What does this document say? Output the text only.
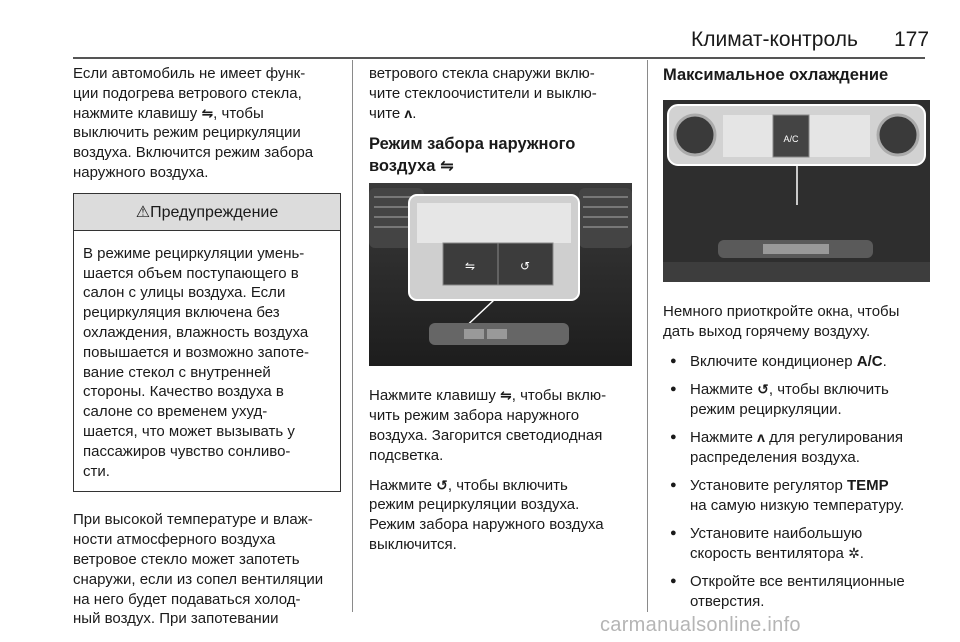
Климат-контроль 177

Если автомобиль не имеет функ-
ции подогрева ветрового стекла,
нажмите клавишу ⇋, чтобы
выключить режим рециркуляции
воздуха. Включится режим забора
наружного воздуха.

⚠Предупреждение
В режиме рециркуляции умень-
шается объем поступающего в
салон с улицы воздуха. Если
рециркуляция включена без
охлаждения, влажность воздуха
повышается и возможно запоте-
вание стекол с внутренней
стороны. Качество воздуха в
салоне со временем ухуд-
шается, что может вызывать у
пассажиров чувство сонливо-
сти.

При высокой температуре и влаж-
ности атмосферного воздуха
ветровое стекло может запотеть
снаружи, если из сопел вентиляции
на него будет подаваться холод-
ный воздух. При запотевании

ветрового стекла снаружи вклю-
чите стеклоочистители и выклю-
чите ᴧ.

Режим забора наружного
воздуха ⇋
⇋	↺

Нажмите клавишу ⇋, чтобы вклю-
чить режим забора наружного
воздуха. Загорится светодиодная
подсветка.

Нажмите ↺, чтобы включить
режим рециркуляции воздуха.
Режим забора наружного воздуха
выключится.

Максимальное охлаждение
A/C

Немного приоткройте окна, чтобы
дать выход горячему воздуху.

● Включите кондиционер A/C.
● Нажмите ↺, чтобы включить
режим рециркуляции.
● Нажмите ᴧ для регулирования
распределения воздуха.
● Установите регулятор TEMP
на самую низкую температуру.
● Установите наибольшую
скорость вентилятора ✲.
● Откройте все вентиляционные
отверстия.
carmanualsonline.info
